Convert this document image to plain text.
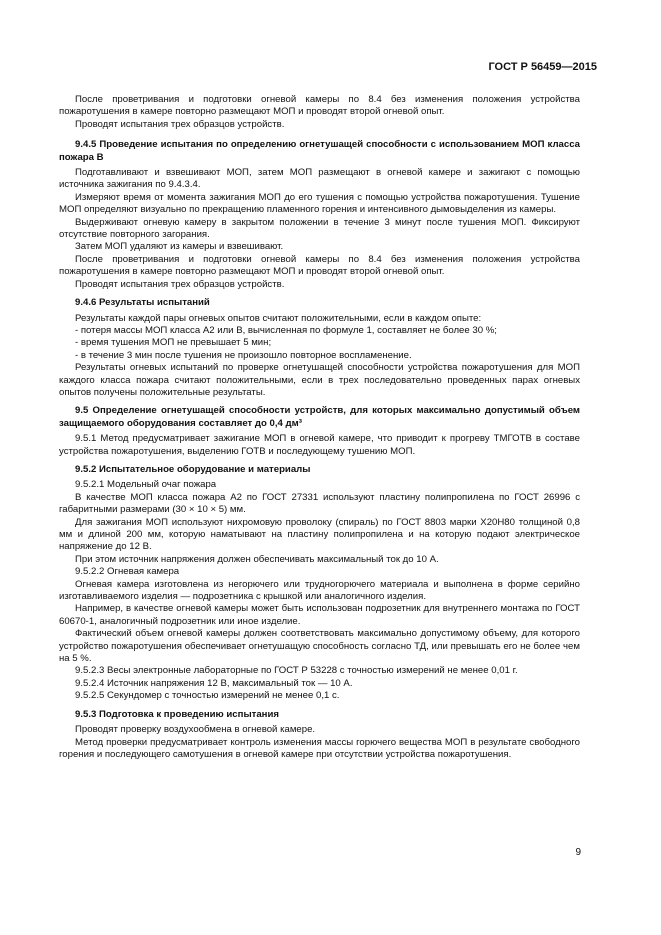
ГОСТ Р 56459—2015

После проветривания и подготовки огневой камеры по 8.4 без изменения положения устройства пожаротушения в камере повторно размещают МОП и проводят второй огневой опыт.

Проводят испытания трех образцов устройств.

9.4.5 Проведение испытания по определению огнетушащей способности с использованием МОП класса пожара В

Подготавливают и взвешивают МОП, затем МОП размещают в огневой камере и зажигают с помощью источника зажигания по 9.4.3.4.

Измеряют время от момента зажигания МОП до его тушения с помощью устройства пожаротушения. Тушение МОП определяют визуально по прекращению пламенного горения и интенсивного дымовыделения из камеры.

Выдерживают огневую камеру в закрытом положении в течение 3 минут после тушения МОП. Фиксируют отсутствие повторного загорания.

Затем МОП удаляют из камеры и взвешивают.

После проветривания и подготовки огневой камеры по 8.4 без изменения положения устройства пожаротушения в камере повторно размещают МОП и проводят второй огневой опыт.

Проводят испытания трех образцов устройств.

9.4.6 Результаты испытаний

Результаты каждой пары огневых опытов считают положительными, если в каждом опыте:

- потеря массы МОП класса А2 или В, вычисленная по формуле 1, составляет не более 30 %;

- время тушения МОП не превышает 5 мин;

- в течение 3 мин после тушения не произошло повторное воспламенение.

Результаты огневых испытаний по проверке огнетушащей способности устройства пожаротушения для МОП каждого класса пожара считают положительными, если в трех последовательно проведенных парах огневых опытов получены положительные результаты.

9.5 Определение огнетушащей способности устройств, для которых максимально допустимый объем защищаемого оборудования составляет до 0,4 дм³

9.5.1 Метод предусматривает зажигание МОП в огневой камере, что приводит к прогреву ТМГОТВ в составе устройства пожаротушения, выделению ГОТВ и последующему тушению МОП.

9.5.2 Испытательное оборудование и материалы

9.5.2.1 Модельный очаг пожара

В качестве МОП класса пожара А2 по ГОСТ 27331 используют пластину полипропилена по ГОСТ 26996 с габаритными размерами (30 × 10 × 5) мм.

Для зажигания МОП используют нихромовую проволоку (спираль) по ГОСТ 8803 марки Х20Н80 толщиной 0,8 мм и длиной 200 мм, которую наматывают на пластину полипропилена и на которую подают электрическое напряжение до 12 В.

При этом источник напряжения должен обеспечивать максимальный ток до 10 А.

9.5.2.2 Огневая камера

Огневая камера изготовлена из негорючего или трудногорючего материала и выполнена в форме серийно изготавливаемого изделия — подрозетника с крышкой или аналогичного изделия.

Например, в качестве огневой камеры может быть использован подрозетник для внутреннего монтажа по ГОСТ 60670-1, аналогичный подрозетник или иное изделие.

Фактический объем огневой камеры должен соответствовать максимально допустимому объему, для которого устройство пожаротушения обеспечивает огнетушащую способность согласно ТД, или превышать его не более чем на 5 %.

9.5.2.3 Весы электронные лабораторные по ГОСТ Р 53228 с точностью измерений не менее 0,01 г.

9.5.2.4 Источник напряжения 12 В, максимальный ток — 10 А.

9.5.2.5 Секундомер с точностью измерений не менее 0,1 с.

9.5.3 Подготовка к проведению испытания

Проводят проверку воздухообмена в огневой камере.

Метод проверки предусматривает контроль изменения массы горючего вещества МОП в результате свободного горения и последующего самотушения в огневой камере при отсутствии устройства пожаротушения.

9
